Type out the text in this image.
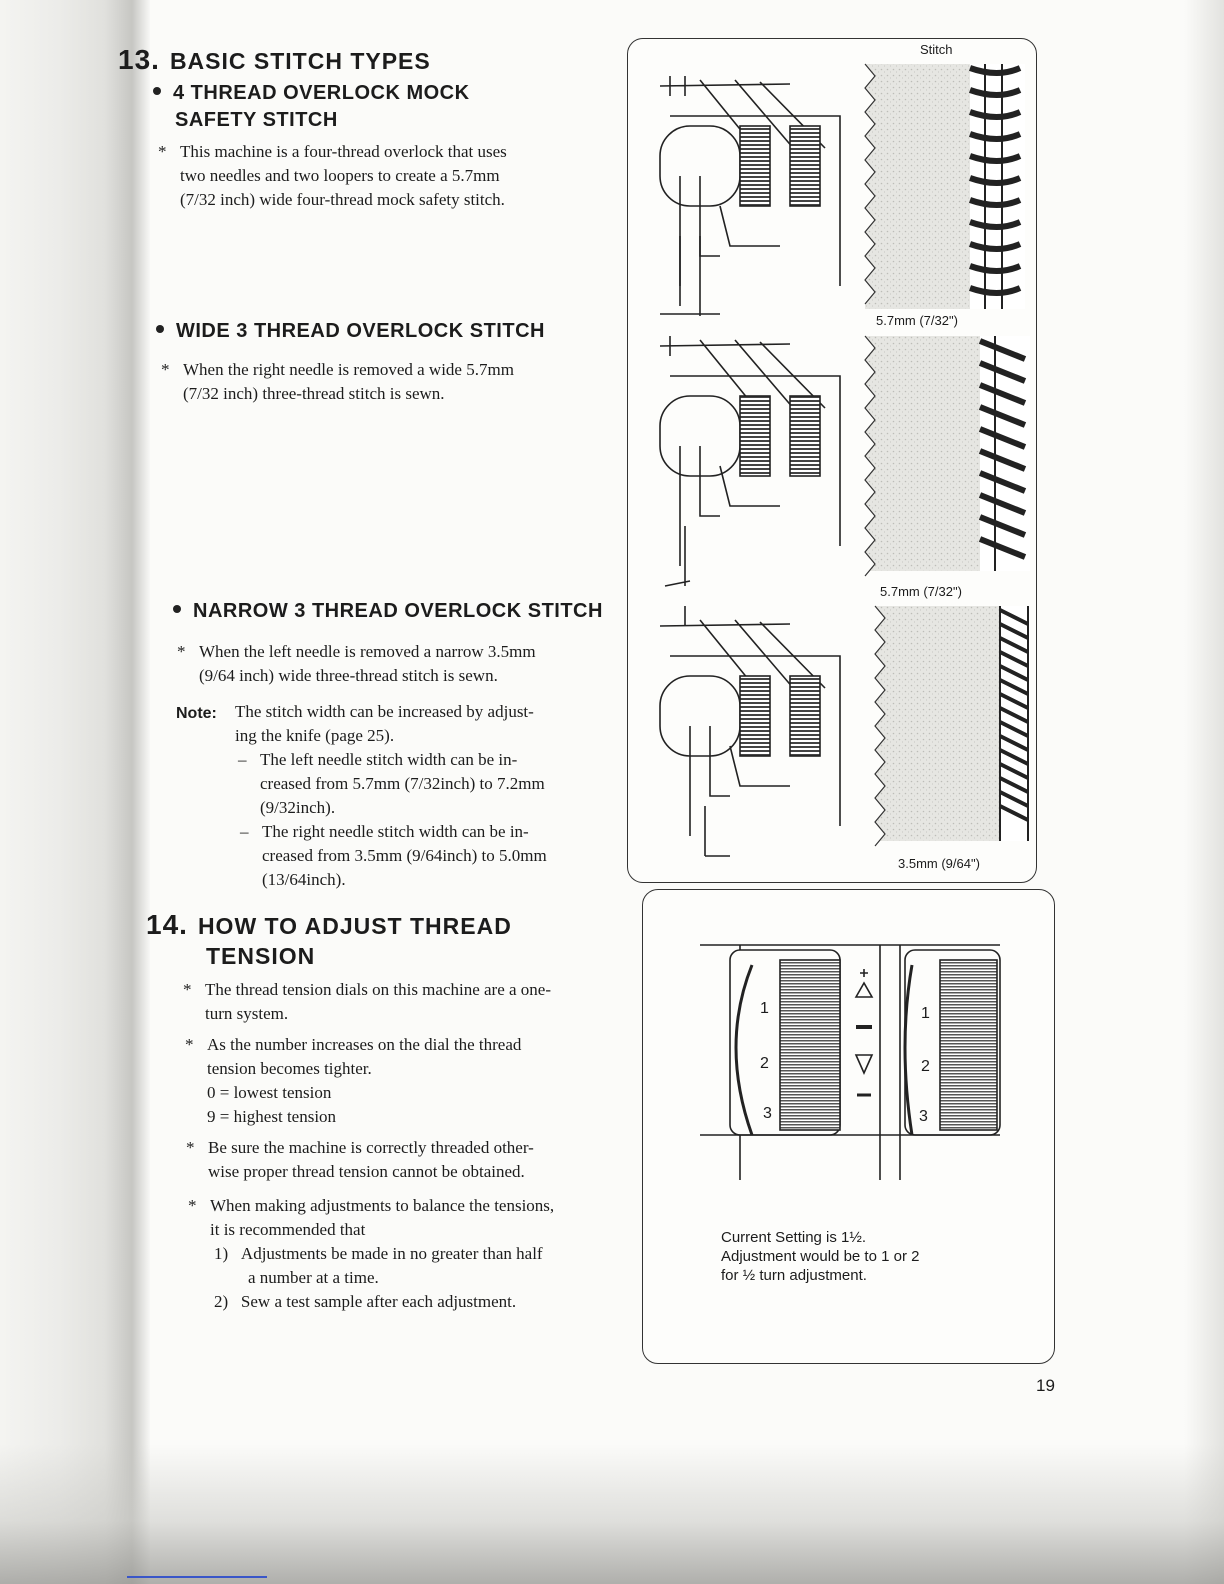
13. BASIC STITCH TYPES
4 THREAD OVERLOCK MOCK
SAFETY STITCH
* This machine is a four-thread overlock that uses
two needles and two loopers to create a 5.7mm
(7/32 inch) wide four-thread mock safety stitch.
WIDE 3 THREAD OVERLOCK STITCH
* When the right needle is removed a wide 5.7mm
(7/32 inch) three-thread stitch is sewn.
NARROW 3 THREAD OVERLOCK STITCH
* When the left needle is removed a narrow 3.5mm
(9/64 inch) wide three-thread stitch is sewn.
Note: The stitch width can be increased by adjust-
ing the knife (page 25).
– The left needle stitch width can be in-
creased from 5.7mm (7/32inch) to 7.2mm
(9/32inch).
– The right needle stitch width can be in-
creased from 3.5mm (9/64inch) to 5.0mm
(13/64inch).
14. HOW TO ADJUST THREAD
TENSION
* The thread tension dials on this machine are a one-
turn system.
* As the number increases on the dial the thread
tension becomes tighter.
0 = lowest tension
9 = highest tension
* Be sure the machine is correctly threaded other-
wise proper thread tension cannot be obtained.
* When making adjustments to balance the tensions,
it is recommended that
1) Adjustments be made in no greater than half
a number at a time.
2) Sew a test sample after each adjustment.
Stitch
5.7mm (7/32")
5.7mm (7/32")
3.5mm (9/64")
1
2
3
1
2
3
Current Setting is 1½.
Adjustment would be to 1 or 2
for ½ turn adjustment.
19
